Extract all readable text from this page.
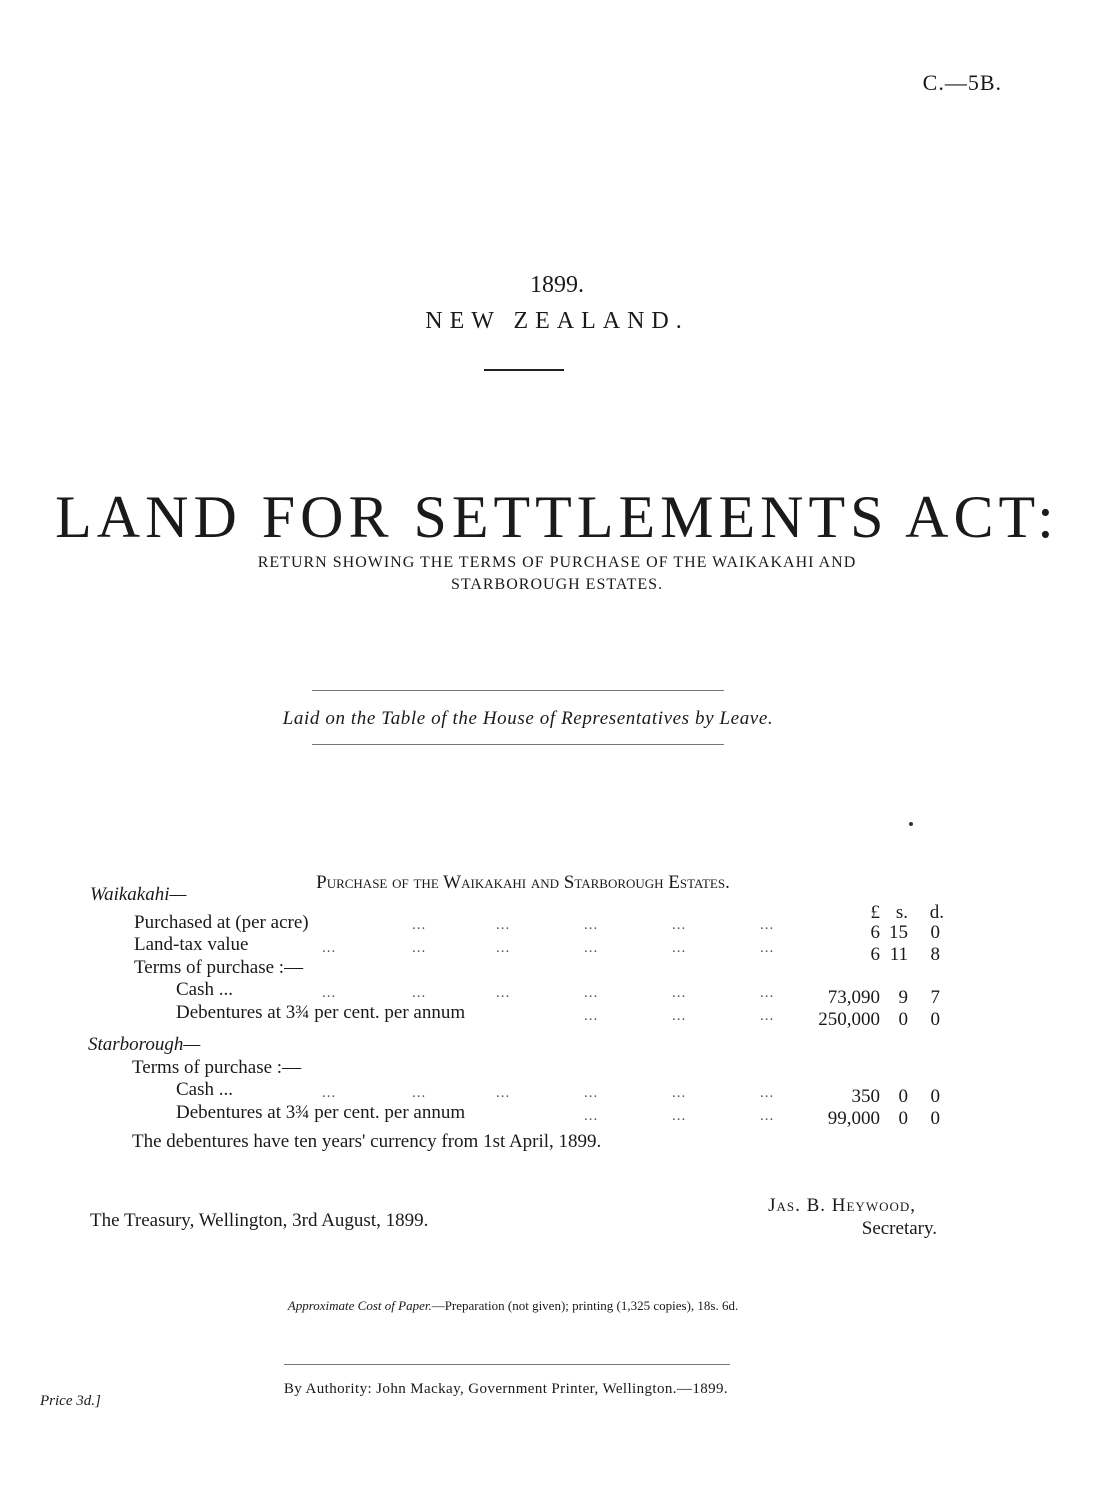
C.—5B.
1899.
NEW ZEALAND.
LAND FOR SETTLEMENTS ACT:
RETURN SHOWING THE TERMS OF PURCHASE OF THE WAIKAKAHI AND
STARBOROUGH ESTATES.
Laid on the Table of the House of Representatives by Leave.
Purchase of the Waikakahi and Starborough Estates.
£ s.	d.
Waikakahi—
Purchased at (per acre)	...	...	...	...	...	6 15	0
Land-tax value	...	...	...	...	...	...	6 11	8
Terms of purchase :—
Cash ...	...	...	...	...	...	...	73,090 9	7
Debentures at 3¾ per cent. per annum	...	...	...	250,000 0	0
Starborough—
Terms of purchase :—
Cash ...	...	...	...	...	...	...	350 0	0
Debentures at 3¾ per cent. per annum	...	...	...	99,000 0	0
The debentures have ten years' currency from 1st April, 1899.
The Treasury, Wellington, 3rd August, 1899.
Jas. B. Heywood,
Secretary.
Approximate Cost of Paper.—Preparation (not given); printing (1,325 copies), 18s. 6d.
By Authority: John Mackay, Government Printer, Wellington.—1899.
Price 3d.]
